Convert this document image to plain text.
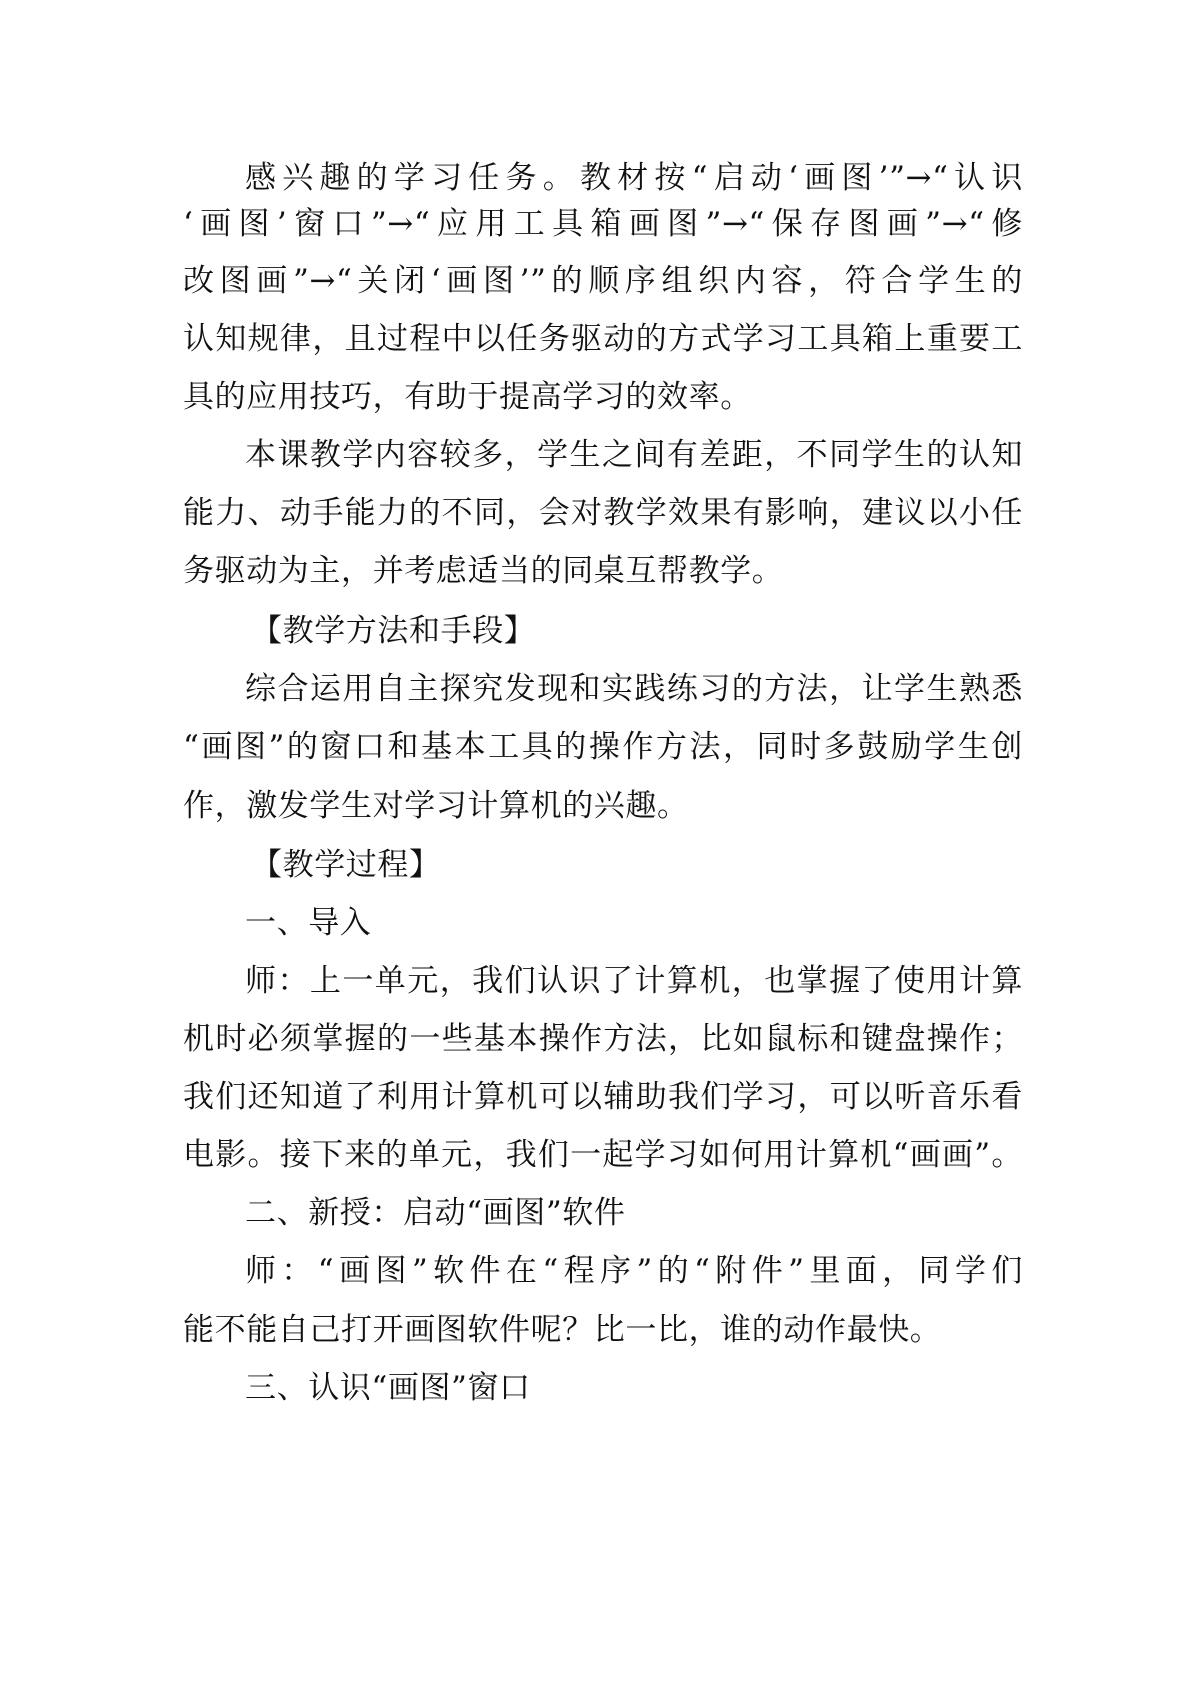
感兴趣的学习任务。教材按“启动‘画图’”→“认识
‘画图’窗口”→“应用工具箱画图”→“保存图画”→“修
改图画”→“关闭‘画图’”的顺序组织内容，符合学生的
认知规律，且过程中以任务驱动的方式学习工具箱上重要工
具的应用技巧，有助于提高学习的效率。
本课教学内容较多，学生之间有差距，不同学生的认知
能力、动手能力的不同，会对教学效果有影响，建议以小任
务驱动为主，并考虑适当的同桌互帮教学。
【教学方法和手段】
综合运用自主探究发现和实践练习的方法，让学生熟悉
“画图”的窗口和基本工具的操作方法，同时多鼓励学生创
作，激发学生对学习计算机的兴趣。
【教学过程】
一、导入
师：上一单元，我们认识了计算机，也掌握了使用计算
机时必须掌握的一些基本操作方法，比如鼠标和键盘操作；
我们还知道了利用计算机可以辅助我们学习，可以听音乐看
电影。接下来的单元，我们一起学习如何用计算机“画画”。
二、新授：启动“画图”软件
师：“画图”软件在“程序”的“附件”里面，同学们
能不能自己打开画图软件呢？比一比，谁的动作最快。
三、认识“画图”窗口
